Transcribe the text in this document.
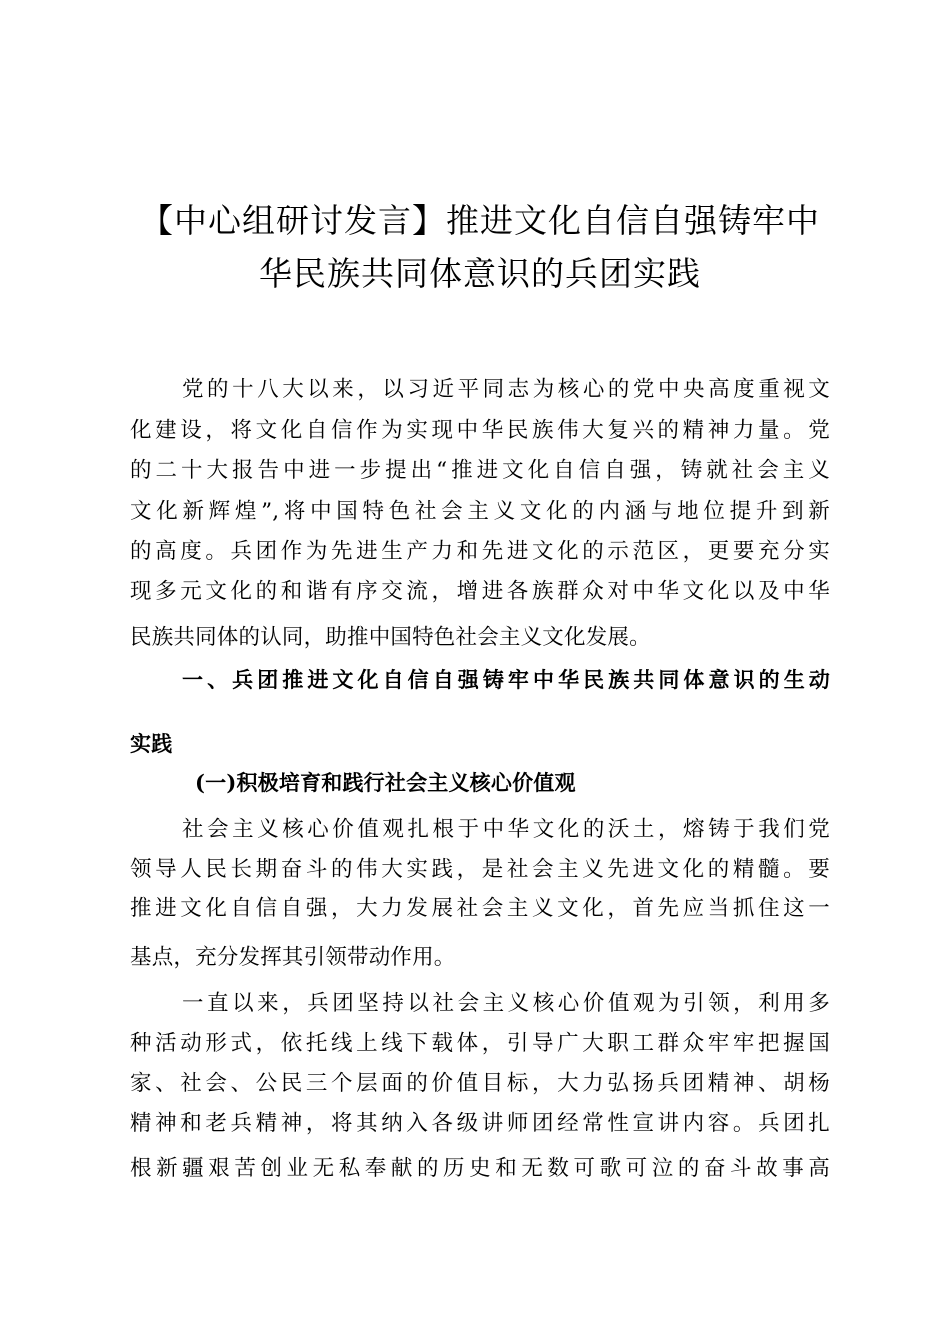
【中心组研讨发言】推进文化自信自强铸牢中
华民族共同体意识的兵团实践
党的十八大以来，以习近平同志为核心的党中央高度重视文
化建设，将文化自信作为实现中华民族伟大复兴的精神力量。党
的二十大报告中进一步提出“推进文化自信自强，铸就社会主义
文化新辉煌”,将中国特色社会主义文化的内涵与地位提升到新
的高度。兵团作为先进生产力和先进文化的示范区，更要充分实
现多元文化的和谐有序交流，增进各族群众对中华文化以及中华
民族共同体的认同，助推中国特色社会主义文化发展。
一、兵团推进文化自信自强铸牢中华民族共同体意识的生动
实践
(一)积极培育和践行社会主义核心价值观
社会主义核心价值观扎根于中华文化的沃土，熔铸于我们党
领导人民长期奋斗的伟大实践，是社会主义先进文化的精髓。要
推进文化自信自强，大力发展社会主义文化，首先应当抓住这一
基点，充分发挥其引领带动作用。
一直以来，兵团坚持以社会主义核心价值观为引领，利用多
种活动形式，依托线上线下载体，引导广大职工群众牢牢把握国
家、社会、公民三个层面的价值目标，大力弘扬兵团精神、胡杨
精神和老兵精神，将其纳入各级讲师团经常性宣讲内容。兵团扎
根新疆艰苦创业无私奉献的历史和无数可歌可泣的奋斗故事高
